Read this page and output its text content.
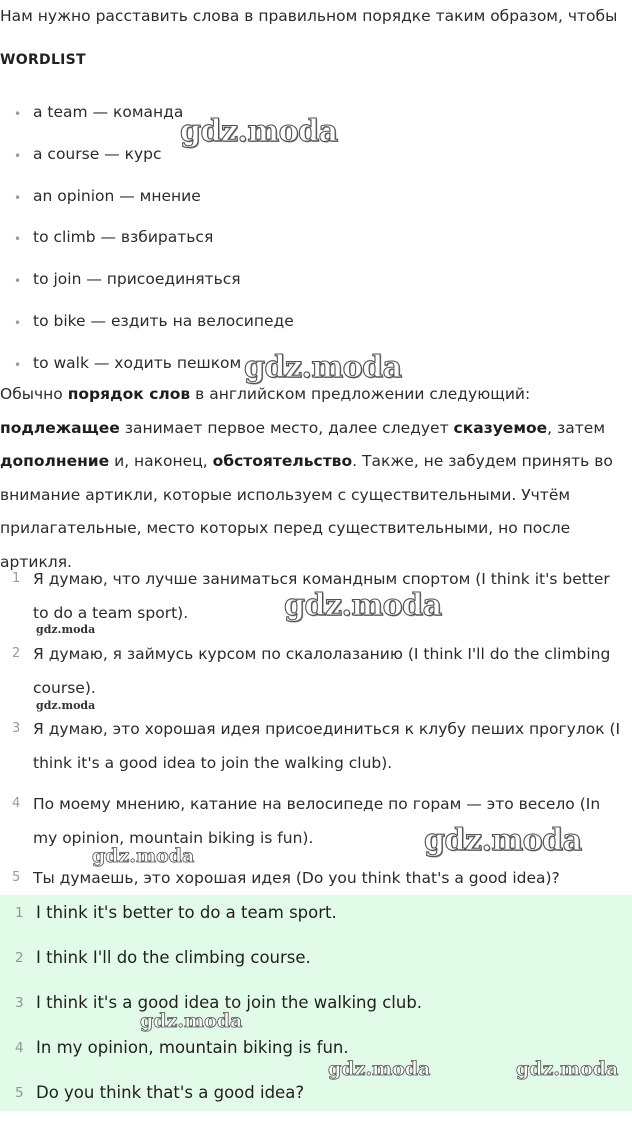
Нам нужно расставить слова в правильном порядке таким образом, чтобы
WORDLIST
• a team — команда
• a course — курс
• an opinion — мнение
• to climb — взбираться
• to join — присоединяться
• to bike — ездить на велосипеде
• to walk — ходить пешком

Обычно порядок слов в английском предложении следующий: подлежащее занимает первое место, далее следует сказуемое, затем дополнение и, наконец, обстоятельство. Также, не забудем принять во внимание артикли, которые используем с существительными. Учтём прилагательные, место которых перед существительными, но после артикля.

1 Я думаю, что лучше заниматься командным спортом (I think it's better to do a team sport).
2 Я думаю, я займусь курсом по скалолазанию (I think I'll do the climbing course).
3 Я думаю, это хорошая идея присоединиться к клубу пеших прогулок (I think it's a good idea to join the walking club).
4 По моему мнению, катание на велосипеде по горам — это весело (In my opinion, mountain biking is fun).
5 Ты думаешь, это хорошая идея (Do you think that's a good idea)?
1 I think it's better to do a team sport.
2 I think I'll do the climbing course.
3 I think it's a good idea to join the walking club.
4 In my opinion, mountain biking is fun.
5 Do you think that's a good idea?
gdz.moda
gdz.moda
gdz.moda
gdz.moda
gdz.moda
gdz.moda
gdz.moda
gdz.moda
gdz.moda	gdz.moda
